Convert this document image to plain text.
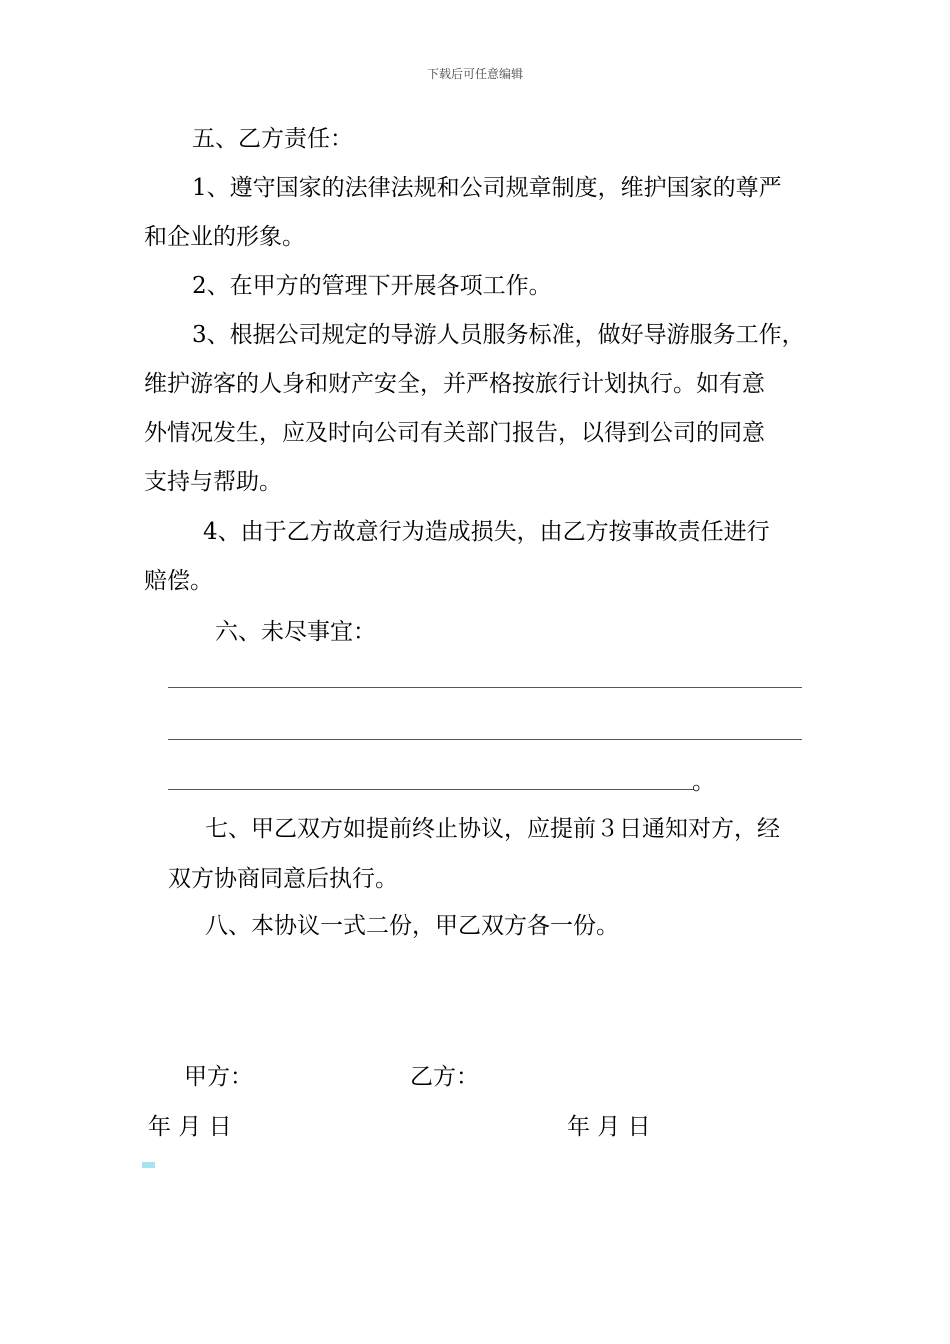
下载后可任意编辑
五、乙方责任：
1、遵守国家的法律法规和公司规章制度，维护国家的尊严
和企业的形象。
2、在甲方的管理下开展各项工作。
3、根据公司规定的导游人员服务标准，做好导游服务工作，
维护游客的人身和财产安全，并严格按旅行计划执行。如有意
外情况发生，应及时向公司有关部门报告，以得到公司的同意
支持与帮助。
4、由于乙方故意行为造成损失，由乙方按事故责任进行
赔偿。
六、未尽事宜：
。
七、甲乙双方如提前终止协议，应提前３日通知对方，经
双方协商同意后执行。
八、本协议一式二份，甲乙双方各一份。
甲方：	乙方：
年 月 日	年 月 日
